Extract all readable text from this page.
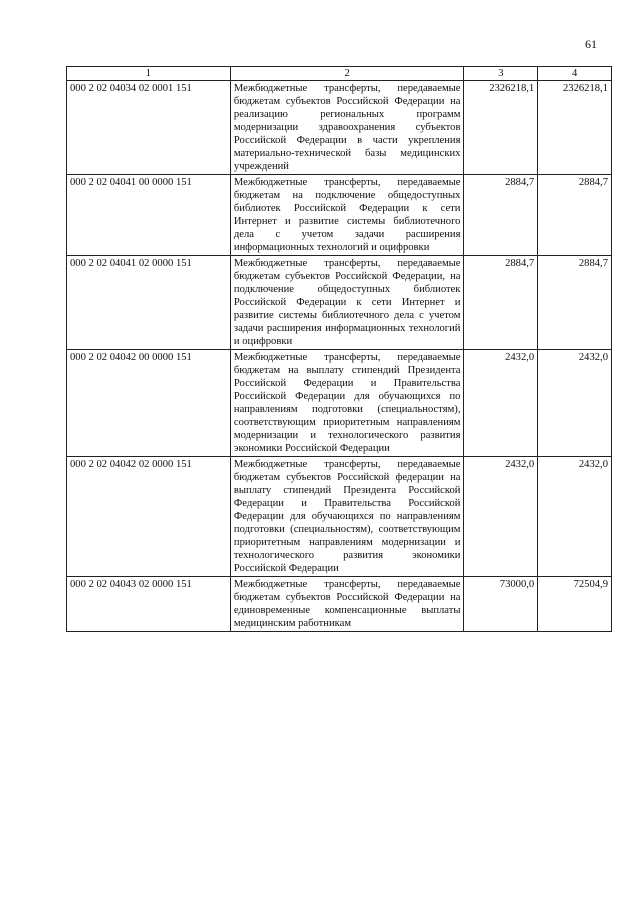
61
1	2	3	4
000 2 02 04034 02 0001 151	Межбюджетные трансферты, передаваемые бюджетам субъектов Российской Федерации на реализацию региональных программ модернизации здравоохранения субъектов Российской Федерации в части укрепления материально-технической базы медицинских учреждений	2326218,1	2326218,1
000 2 02 04041 00 0000 151	Межбюджетные трансферты, передаваемые бюджетам на подключение общедоступных библиотек Российской Федерации к сети Интернет и развитие системы библиотечного дела с учетом задачи расширения информационных технологий и оцифровки	2884,7	2884,7
000 2 02 04041 02 0000 151	Межбюджетные трансферты, передаваемые бюджетам субъектов Российской Федерации, на подключение общедоступных библиотек Российской Федерации к сети Интернет и развитие системы библиотечного дела с учетом задачи расширения информационных технологий и оцифровки	2884,7	2884,7
000 2 02 04042 00 0000 151	Межбюджетные трансферты, передаваемые бюджетам на выплату стипендий Президента Российской Федерации и Правительства Российской Федерации для обучающихся по направлениям подготовки (специальностям), соответствующим приоритетным направлениям модернизации и технологического развития экономики Российской Федерации	2432,0	2432,0
000 2 02 04042 02 0000 151	Межбюджетные трансферты, передаваемые бюджетам субъектов Российской федерации на выплату стипендий Президента Российской Федерации и Правительства Российской Федерации для обучающихся по направлениям подготовки (специальностям), соответствующим приоритетным направлениям модернизации и технологического развития экономики Российской Федерации	2432,0	2432,0
000 2 02 04043 02 0000 151	Межбюджетные трансферты, передаваемые бюджетам субъектов Российской Федерации на единовременные компенсационные выплаты медицинским работникам	73000,0	72504,9
